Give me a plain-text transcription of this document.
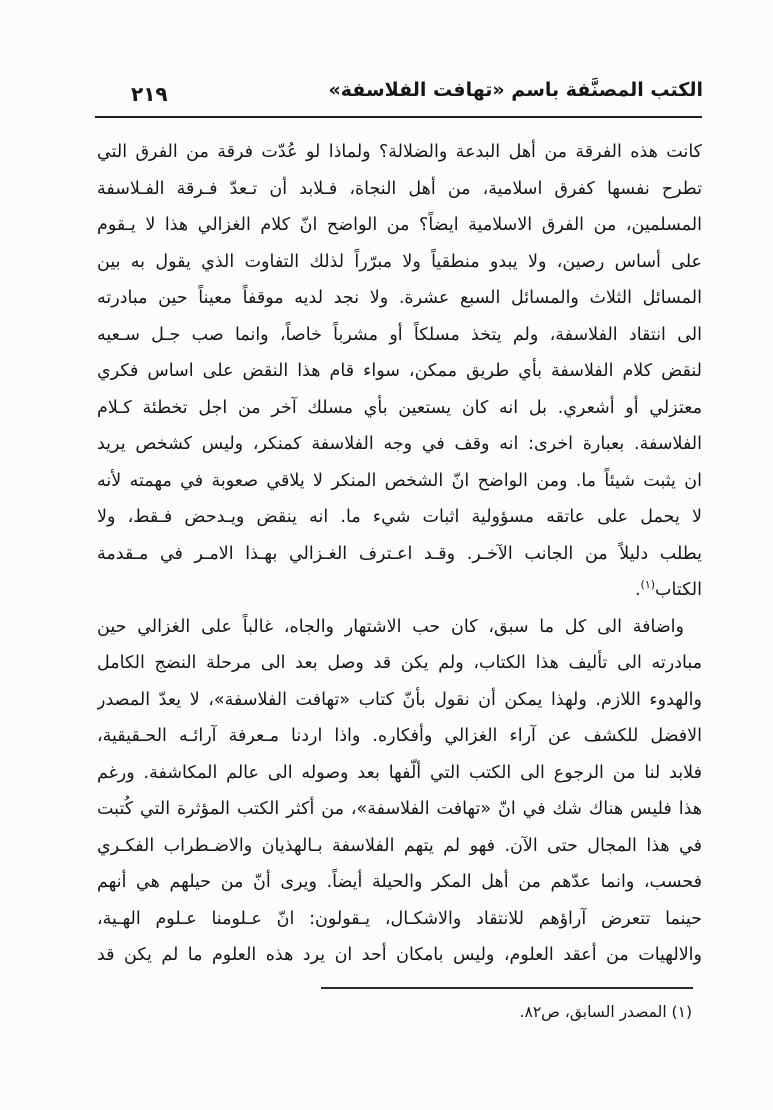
٢١٩	الكتب المصنَّفة باسم «تهافت الفلاسفة»
كانت هذه الفرقة من أهل البدعة والضلالة؟ ولماذا لو عُدّت فرقة من الفرق التي
تطرح نفسها كفرق اسلامية، من أهل النجاة، فـلابد أن تـعدّ فـرقة الفـلاسفة
المسلمين، من الفرق الاسلامية ايضاً؟ من الواضح انّ كلام الغزالي هذا لا يـقوم
على أساس رصين، ولا يبدو منطقياً ولا مبرّراً لذلك التفاوت الذي يقول به بين
المسائل الثلاث والمسائل السبع عشرة. ولا نجد لديه موقفاً معيناً حين مبادرته
الى انتقاد الفلاسفة، ولم يتخذ مسلكاً أو مشرباً خاصاً، وانما صب جـل سـعيه
لنقض كلام الفلاسفة بأي طريق ممكن، سواء قام هذا النقض على اساس فكري
معتزلي أو أشعري. بل انه كان يستعين بأي مسلك آخر من اجل تخطئة كـلام
الفلاسفة. بعبارة اخرى: انه وقف في وجه الفلاسفة كمنكر، وليس كشخص يريد
ان يثبت شيئاً ما. ومن الواضح انّ الشخص المنكر لا يلاقي صعوبة في مهمته لأنه
لا يحمل على عاتقه مسؤولية اثبات شيء ما. انه ينقض ويـدحض فـقط، ولا
يطلب دليلاً من الجانب الآخـر. وقـد اعـترف الغـزالي بهـذا الامـر في مـقدمة
الكتاب$^{(١)}$.
واضافة الى كل ما سبق، كان حب الاشتهار والجاه، غالباً على الغزالي حين
مبادرته الى تأليف هذا الكتاب، ولم يكن قد وصل بعد الى مرحلة النضج الكامل
والهدوء اللازم. ولهذا يمكن أن نقول بأنّ كتاب «تهافت الفلاسفة»، لا يعدّ المصدر
الافضل للكشف عن آراء الغزالي وأفكاره. واذا اردنا مـعرفة آرائـه الحـقيقية،
فلابد لنا من الرجوع الى الكتب التي ألّفها بعد وصوله الى عالم المكاشفة. ورغم
هذا فليس هناك شك في انّ «تهافت الفلاسفة»، من أكثر الكتب المؤثرة التي كُتبت
في هذا المجال حتى الآن. فهو لم يتهم الفلاسفة بـالهذيان والاضـطراب الفكـري
فحسب، وانما عدّهم من أهل المكر والحيلة أيضاً. ويرى أنّ من حيلهم هي أنهم
حينما تتعرض آراؤهم للانتقاد والاشكـال، يـقولون: انّ عـلومنا عـلوم الهـية،
والالهيات من أعقد العلوم، وليس بامكان أحد ان يرد هذه العلوم ما لم يكن قد
(١) المصدر السابق، ص٨٢.
